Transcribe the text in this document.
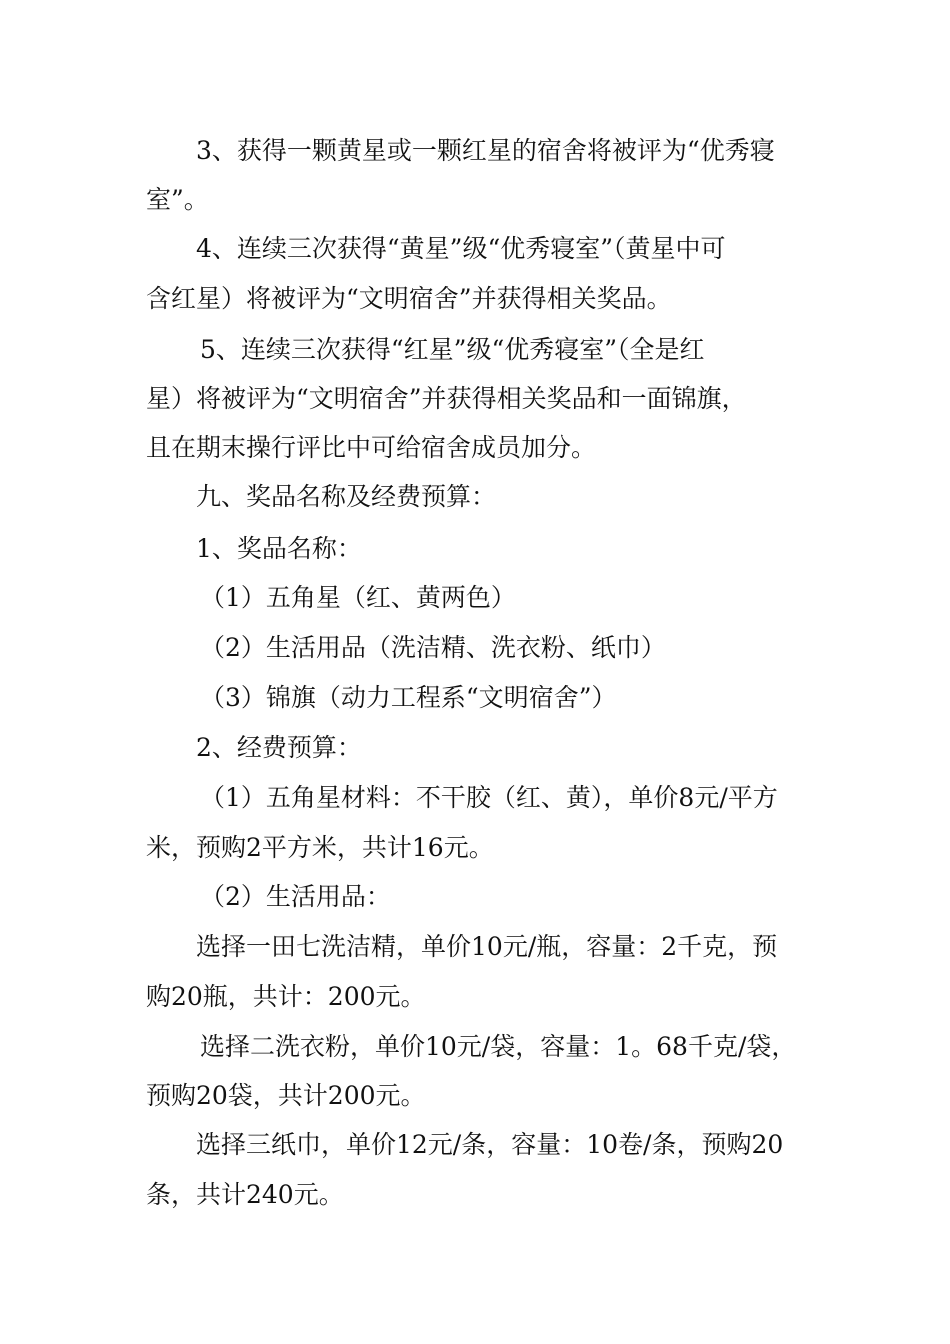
3、获得一颗黄星或一颗红星的宿舍将被评为“优秀寝
室”。
4、连续三次获得“黄星”级“优秀寝室”（黄星中可
含红星）将被评为“文明宿舍”并获得相关奖品。
5、连续三次获得“红星”级“优秀寝室”（全是红
星）将被评为“文明宿舍”并获得相关奖品和一面锦旗，
且在期末操行评比中可给宿舍成员加分。
九、奖品名称及经费预算：
1、奖品名称：
（1）五角星（红、黄两色）
（2）生活用品（洗洁精、洗衣粉、纸巾）
（3）锦旗（动力工程系“文明宿舍”）
2、经费预算：
（1）五角星材料：不干胶（红、黄），单价8元/平方
米，预购2平方米，共计16元。
（2）生活用品：
选择一田七洗洁精，单价10元/瓶，容量：2千克，预
购20瓶，共计：200元。
选择二洗衣粉，单价10元/袋，容量：1。68千克/袋，
预购20袋，共计200元。
选择三纸巾，单价12元/条，容量：10卷/条，预购20
条，共计240元。
